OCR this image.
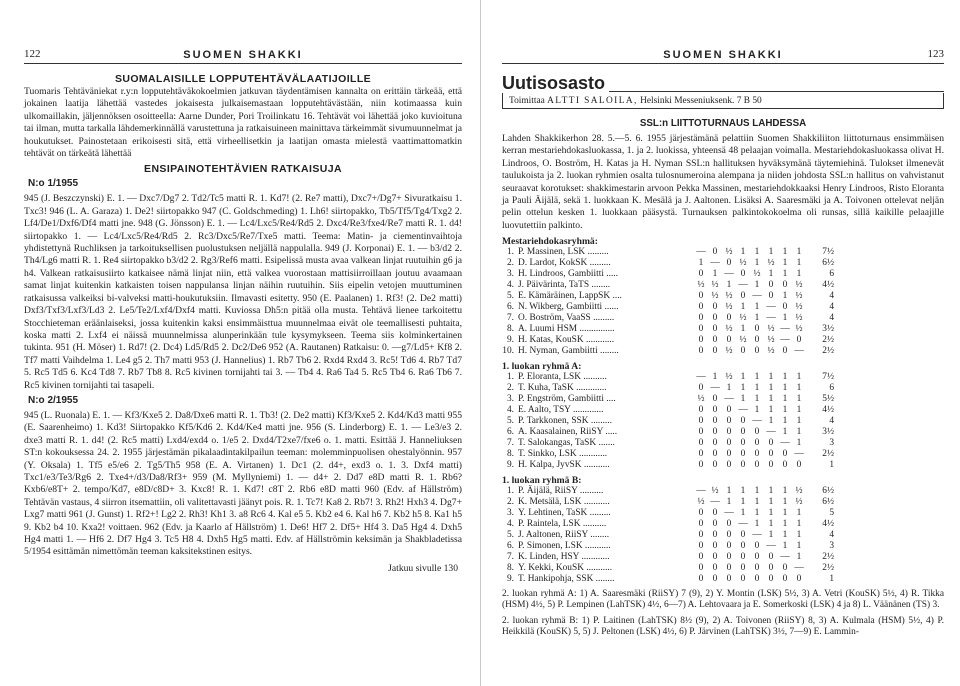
122	SUOMEN SHAKKI
SUOMALAISILLE LOPPUTEHTÄVÄLAATIJOILLE
Tuomaris Tehtäväniekat r.y:n lopputehtäväkokoelmien jatkuvan täydentämisen kannalta on erittäin tärkeää, että jokainen laatija lähettää vastedes jokaisesta julkaisemastaan lopputehtävästään, niin kotimaassa kuin ulkomaillakin, jäljennöksen osoitteella: Aarne Dunder, Pori Troilinkatu 16. Tehtävät voi lähettää joko kuvioituna tai ilman, mutta tarkalla lähdemerkinnällä varustettuna ja ratkaisuineen mainittava tärkeimmät sivumuunnelmat ja houkutukset. Painostetaan erikoisesti sitä, että virheellisetkin ja laatijan omasta mielestä vaattimattomatkin tehtävät on tärkeätä lähettää
ENSIPAINOTEHTÄVIEN RATKAISUJA
N:o 1/1955
945 (J. Beszczynski) E. 1. — Dxc7/Dg7 2. Td2/Tc5 matti R. 1. Kd7! (2. Re7 matti), Dxc7+/Dg7+ Sivuratkaisu 1. Txc3! 946 (L. A. Garaza) 1. De2! siirtopakko 947 (C. Goldschmeding) 1. Lh6! siirtopakko, Tb5/Tf5/Tg4/Txg2 2. Lf4/De1/Dxf6/Df4 matti jne. 948 (G. Jönsson) E. 1. — Lc4/Lxc5/Re4/Rd5 2. Dxc4/Re3/fxe4/Re7 matti R. 1. d4! siirtopakko 1. — Lc4/Lxc5/Re4/Rd5 2. Rc3/Dxc5/Re7/Txe5 matti. Teema: Matin- ja ciementinvaihtoja yhdistettynä Ruchliksen ja tarkoituksellisen puolustuksen neljällä nappulalla. 949 (J. Korponai) E. 1. — b3/d2 2. Th4/Lg6 matti R. 1. Re4 siirtopakko b3/d2 2. Rg3/Ref6 matti. Esipelissä musta avaa valkean linjat ruutuihin g6 ja h4. Valkean ratkaisusiirto katkaisee nämä linjat niin, että valkea vuorostaan mattisiirroillaan joutuu avaamaan samat linjat kuitenkin katkaisten toisen nappulansa linjan näihin ruutuihin. Siis eipelin vetojen muuttuminen ratkaisussa valkeiksi bi-valveksi matti-houkutuksiin. Ilmavasti esitetty. 950 (E. Paalanen) 1. Rf3! (2. De2 matti) Dxf3/Txf3/Lxf3/Ld3 2. Le5/Te2/Lxf4/Dxf4 matti. Kuviossa Dh5:n pitää olla musta. Tehtävä lienee tarkoitettu Stocchieteman eräänlaiseksi, jossa kuitenkin kaksi ensimmäisttua muunnelmaa eivät ole teemallisesti puhtaita, koska matti 2. Lxf4 ei näissä muunnelmissa alunperinkään tule kysymykseen. Teema siis kolminkertainen tukinta. 951 (H. Möser) 1. Rd7! (2. Dc4) Ld5/Rd5 2. Dc2/De6 952 (A. Rautanen) Ratkaisu: 0. —g7/Ld5+ Kf8 2. Tf7 matti Vaihdelma 1. Le4 g5 2. Th7 matti 953 (J. Hannelius) 1. Rb7 Tb6 2. Rxd4 Rxd4 3. Rc5! Td6 4. Rb7 Td7 5. Rc5 Td5 6. Kc4 Td8 7. Rb7 Tb8 8. Rc5 kivinen tornijahti tai 3. — Tb4 4. Ra6 Ta4 5. Rc5 Tb4 6. Ra6 Tb6 7. Rc5 kivinen tornijahti tai tasapeli.
N:o 2/1955
945 (L. Ruonala) E. 1. — Kf3/Kxe5 2. Da8/Dxe6 matti R. 1. Tb3! (2. De2 matti) Kf3/Kxe5 2. Kd4/Kd3 matti 955 (E. Saarenheimo) 1. Kd3! Siirtopakko Kf5/Kd6 2. Kd4/Ke4 matti jne. 956 (S. Linderborg) E. 1. — Le3/e3 2. dxe3 matti R. 1. d4! (2. Rc5 matti) Lxd4/exd4 o. 1/e5 2. Dxd4/T2xe7/fxe6 o. 1. matti. Esittää J. Hanneliuksen ST:n kokouksessa 24. 2. 1955 järjestämän pikalaadintakilpailun teeman: molemminpuolisen ohestalyönnin. 957 (Y. Oksala) 1. Tf5 e5/e6 2. Tg5/Th5 958 (E. A. Virtanen) 1. Dc1 (2. d4+, exd3 o. 1. 3. Dxf4 matti) Txc1/e3/Te3/Rg6 2. Txe4+/d3/Da8/Rf3+ 959 (M. Myllyniemi) 1. — d4+ 2. Dd7 e8D matti R. 1. Rb6? Kxb6/e8T+ 2. tempo/Kd7, e8D/c8D+ 3. Kxc8! R. 1. Kd7! c8T 2. Rb6 e8D matti 960 (Edv. af Hällström) Tehtävän vastaus, 4 siirron itsemattiin, oli valitettavasti jäänyt pois. R. 1. Tc7! Ka8 2. Rb7! 3. Rh2! Hxh3 4. Dg7+ Lxg7 matti 961 (J. Gunst) 1. Rf2+! Lg2 2. Rh3! Kh1 3. a8 Rc6 4. Kal e5 5. Kb2 e4 6. Kal h6 7. Kb2 h5 8. Ka1 h5 9. Kb2 b4 10. Kxa2! voittaen. 962 (Edv. ja Kaarlo af Hällström) 1. De6! Hf7 2. Df5+ Hf4 3. Da5 Hg4 4. Dxh5 Hg4 matti 1. — Hf6 2. Df7 Hg4 3. Tc5 H8 4. Dxh5 Hg5 matti. Edv. af Hällströmin keksimän ja Shakbladetissa 5/1954 esittämän nimettömän teeman kaksitekstinen esitys.
Jatkuu sivulle 130
SUOMEN SHAKKI	123
Uutisosasto
Toimittaa ALTTI SALOILA, Helsinki Messeniuksenk. 7 B 50
SSL:n LIITTOTURNAUS LAHDESSA
Lahden Shakkikerhon 28. 5.—5. 6. 1955 järjestämänä pelattiin Suomen Shakkiliiton liittoturnaus ensimmäisen kerran mestariehdokasluokassa, 1. ja 2. luokissa, yhteensä 48 pelaajan voimalla. Mestariehdokasluokassa olivat H. Lindroos, O. Boström, H. Katas ja H. Nyman SSL:n hallituksen hyväksymänä täytemiehinä. Tulokset ilmenevät taulukoista ja 2. luokan ryhmien osalta tulosnumeroina alempana ja niiden johdosta SSL:n hallitus on vahvistanut seuraavat korotukset: shakkimestarin arvoon Pekka Massinen, mestariehdokkaaksi Henry Lindroos, Risto Eloranta ja Pauli Äijälä, sekä 1. luokkaan K. Mesälä ja J. Aaltonen. Lisäksi A. Saaresmäki ja A. Toivonen ottelevat neljän pelin ottelun kesken 1. luokkaan pääsystä. Turnauksen palkintokokoelma oli runsas, sillä kaikille pelaajille luovutettiin palkinto.
Mestariehdokasryhmä:
1.	P. Massinen, LSK .........	—	0	½	1	1	1	1	1	7½
2.	D. Lardot, KokSK .........	1	—	0	½	1	½	1	1	6½
3.	H. Lindroos, Gambiitti .....	0	1	—	0	½	1	1	1	6
4.	J. Päivärinta, TaTS ........	½	½	1	—	1	0	0	½	4½
5.	E. Kämäräinen, LappSK ....	0	½	½	0	—	0	1	½	4
6.	N. Wikberg, Gambiitti ......	0	0	½	1	1	—	0	½	4
7.	O. Boström, VaaSS .........	0	0	0	½	1	—	1	½	4
8.	A. Luumi HSM ...............	0	0	½	1	0	½	—	½	3½
9.	H. Katas, KouSK ............	0	0	0	½	0	½	—	0	2½
10.	H. Nyman, Gambiitti ........	0	0	½	0	0	½	0	—	2½
1. luokan ryhmä A:
1.	P. Eloranta, LSK ..........	—	1	½	1	1	1	1	1	7½
2.	T. Kuha, TaSK .............	0	—	1	1	1	1	1	1	6
3.	P. Engström, Gambiitti ....	½	0	—	1	1	1	1	1	5½
4.	E. Aalto, TSY .............	0	0	0	—	1	1	1	1	4½
5.	P. Tarkkonen, SSK .........	0	0	0	0	—	1	1	1	4
6.	A. Kaasalainen, RiiSY .....	0	0	0	0	0	—	1	1	3½
7.	T. Salokangas, TaSK .......	0	0	0	0	0	0	—	1	3
8.	T. Sinkko, LSK ............	0	0	0	0	0	0	0	—	2½
9.	H. Kalpa, JyvSK ...........	0	0	0	0	0	0	0	0	1
1. luokan ryhmä B:
1.	P. Äijälä, RiiSY ..........	—	½	1	1	1	1	1	½	6½
2.	K. Metsälä, LSK ...........	½	—	1	1	1	1	1	½	6½
3.	Y. Lehtinen, TaSK .........	0	0	—	1	1	1	1	1	5
4.	P. Raintela, LSK ..........	0	0	0	—	1	1	1	1	4½
5.	J. Aaltonen, RiiSY ........	0	0	0	0	—	1	1	1	4
6.	P. Simonen, LSK ...........	0	0	0	0	0	—	1	1	3
7.	K. Linden, HSY ............	0	0	0	0	0	0	—	1	2½
8.	Y. Kekki, KouSK ...........	0	0	0	0	0	0	0	—	2½
9.	T. Hankipohja, SSK ........	0	0	0	0	0	0	0	0	1
2. luokan ryhmä A: 1) A. Saaresmäki (RiiSY) 7 (9), 2) Y. Montin (LSK) 5½, 3) A. Vetri (KouSK) 5½, 4) R. Tikka (HSM) 4½, 5) P. Lempinen (LahTSK) 4½, 6—7) A. Lehtovaara ja E. Somerkoski (LSK) 4 ja 8) L. Väänänen (TS) 3.
2. luokan ryhmä B: 1) P. Laitinen (LahTSK) 8½ (9), 2) A. Toivonen (RiiSY) 8, 3) A. Kulmala (HSM) 5½, 4) P. Heikkilä (KouSK) 5, 5) J. Peltonen (LSK) 4½, 6) P. Järvinen (LahTSK) 3½, 7—9) E. Lammin-
